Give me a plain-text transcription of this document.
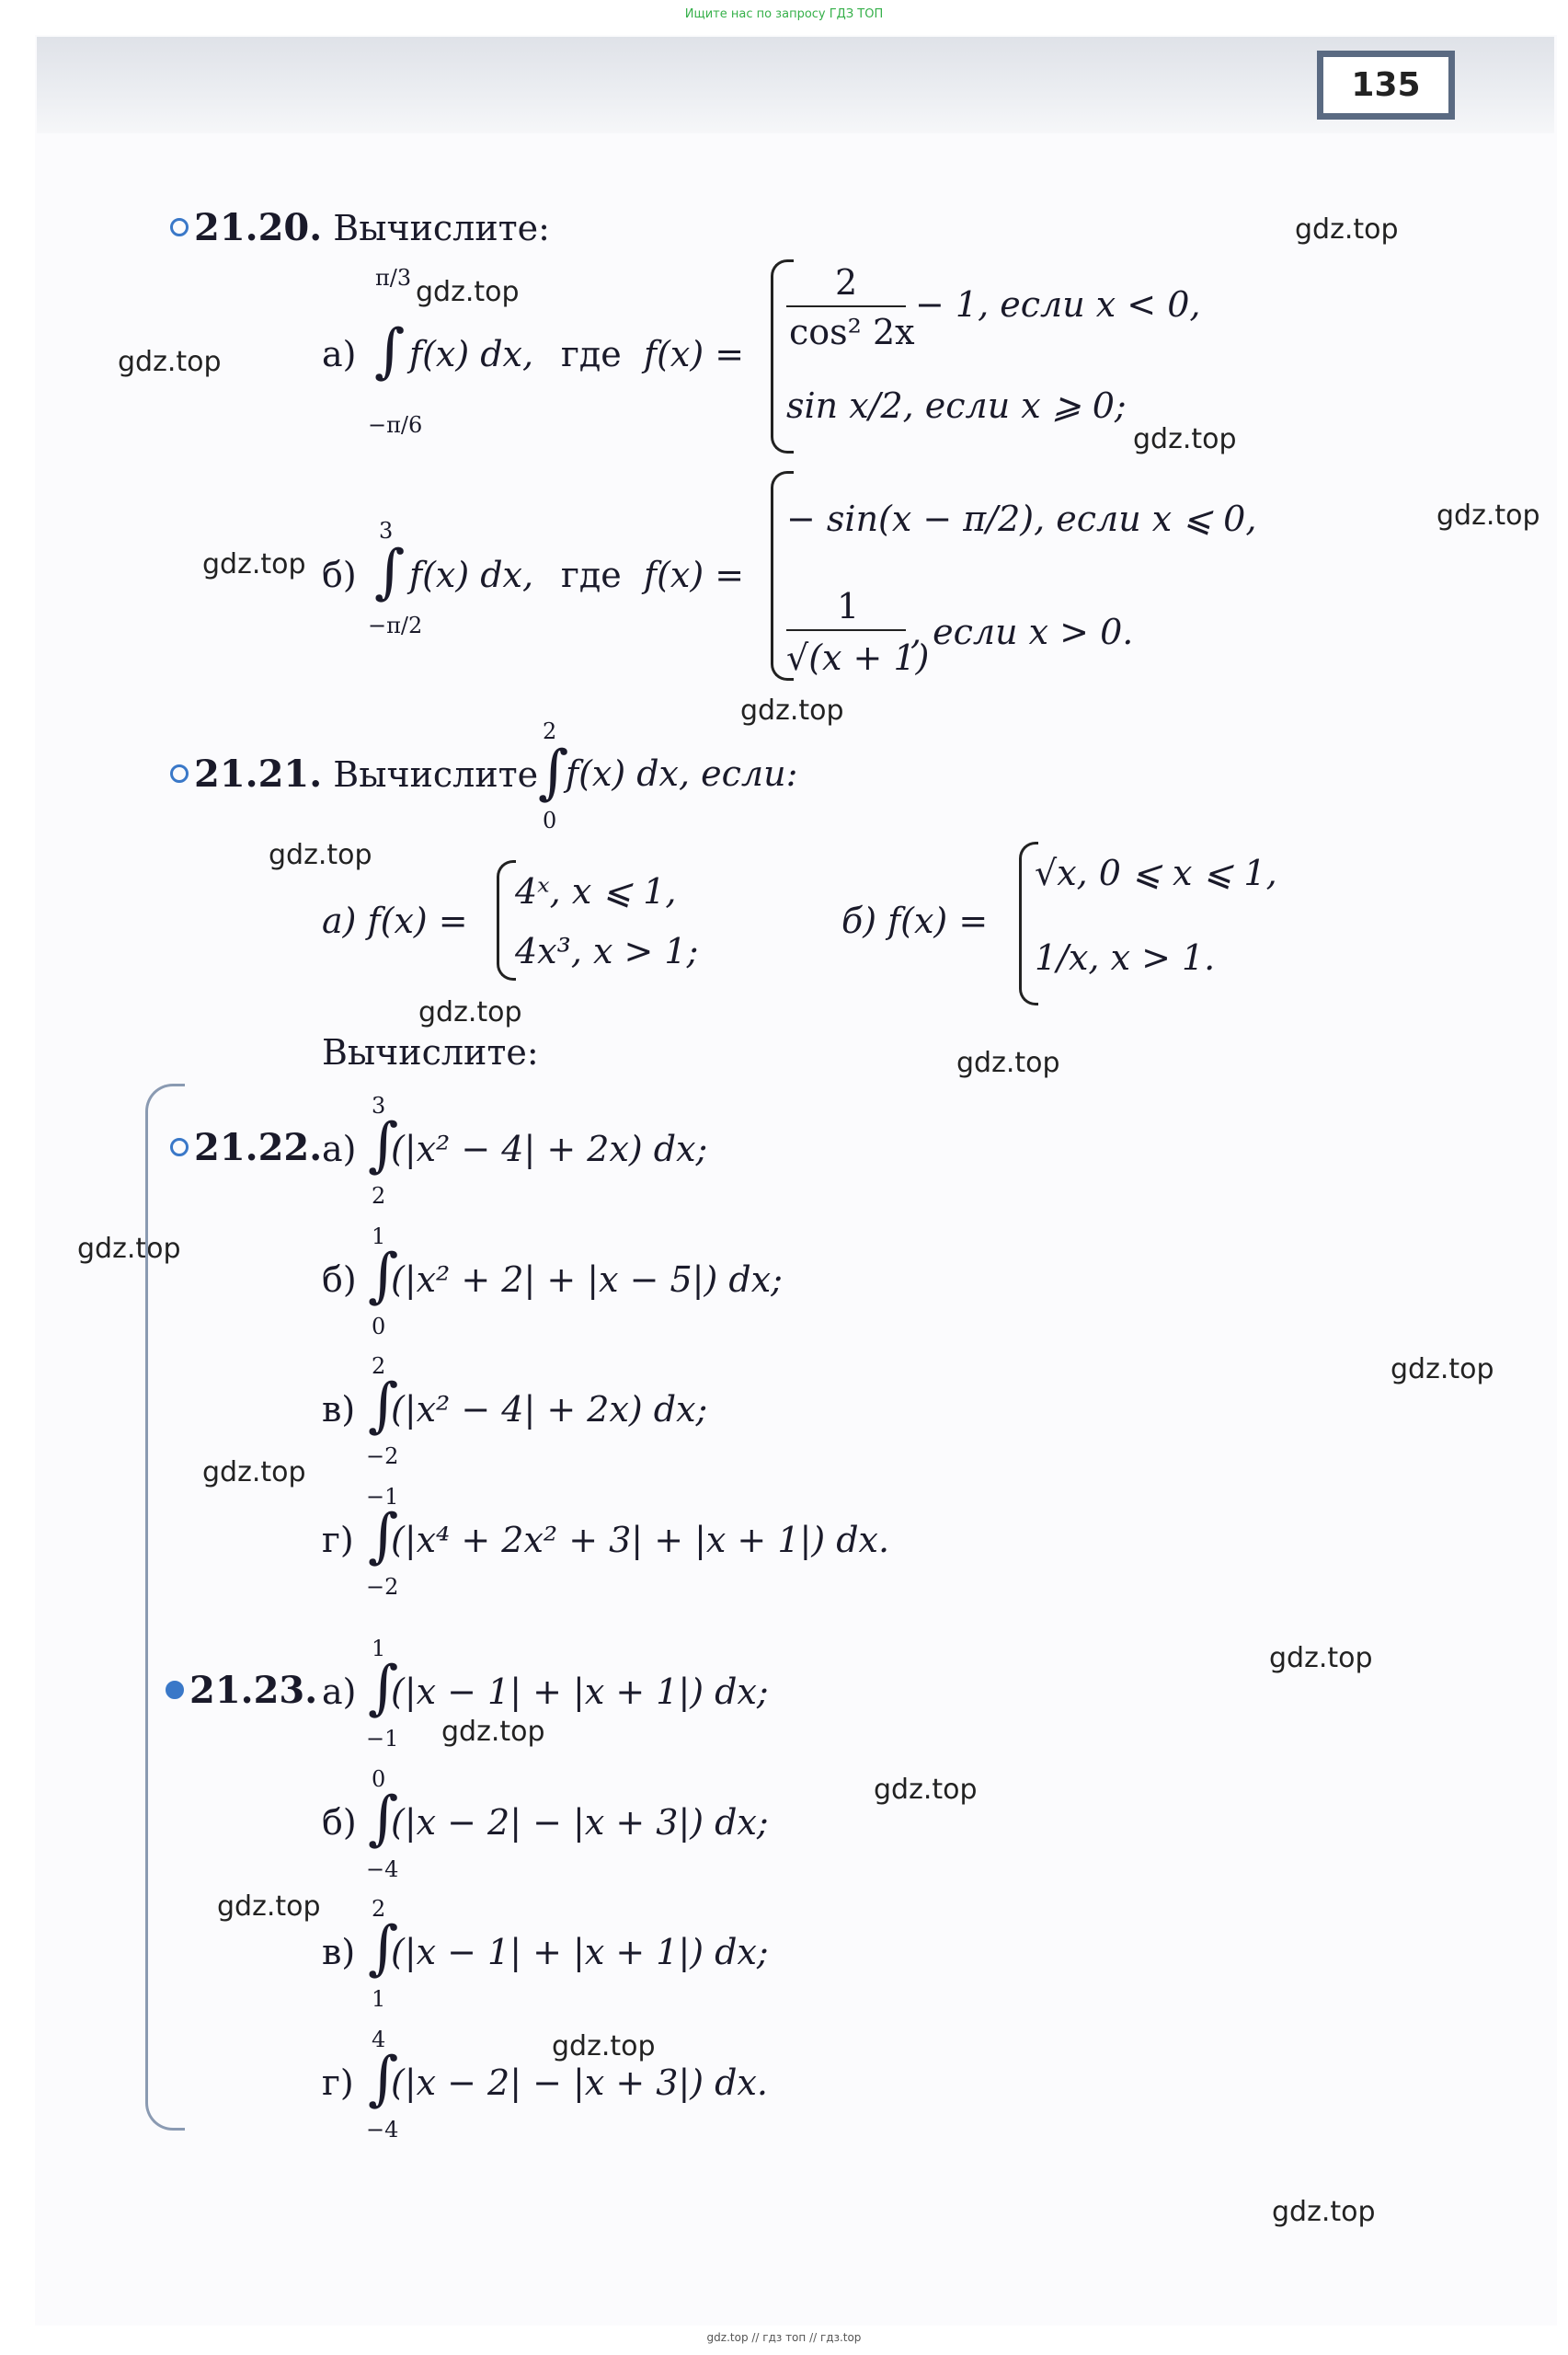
Ищите нас по запросу ГДЗ ТОП
135
gdz.top
gdz.top
gdz.top
gdz.top
gdz.top
gdz.top
gdz.top
gdz.top
gdz.top
gdz.top
gdz.top
gdz.top
gdz.top
gdz.top
gdz.top
gdz.top
gdz.top
gdz.top
gdz.top
21.20. Вычислите:
а)
π/3
∫
−π/6
f(x) dx, где f(x) =
2
cos² 2x
− 1, если x < 0,
sin x/2, если x ⩾ 0;
б)
3
∫
−π/2
f(x) dx, где f(x) =
− sin(x − π/2), если x ⩽ 0,
1
√(x + 1)
, если x > 0.
21.21. Вычислите
2
∫
0
f(x) dx, если:
а) f(x) =
4ˣ, x ⩽ 1,
4x³, x > 1;
б) f(x) =
√x, 0 ⩽ x ⩽ 1,
1/x, x > 1.
Вычислите:
21.22. а)
3
∫
2
(|x² − 4| + 2x) dx;
б)
1
∫
0
(|x² + 2| + |x − 5|) dx;
в)
2
∫
−2
(|x² − 4| + 2x) dx;
г)
−1
∫
−2
(|x⁴ + 2x² + 3| + |x + 1|) dx.
21.23. а)
1
∫
−1
(|x − 1| + |x + 1|) dx;
б)
0
∫
−4
(|x − 2| − |x + 3|) dx;
в)
2
∫
1
(|x − 1| + |x + 1|) dx;
г)
4
∫
−4
(|x − 2| − |x + 3|) dx.
gdz.top // гдз топ // гдз.top
